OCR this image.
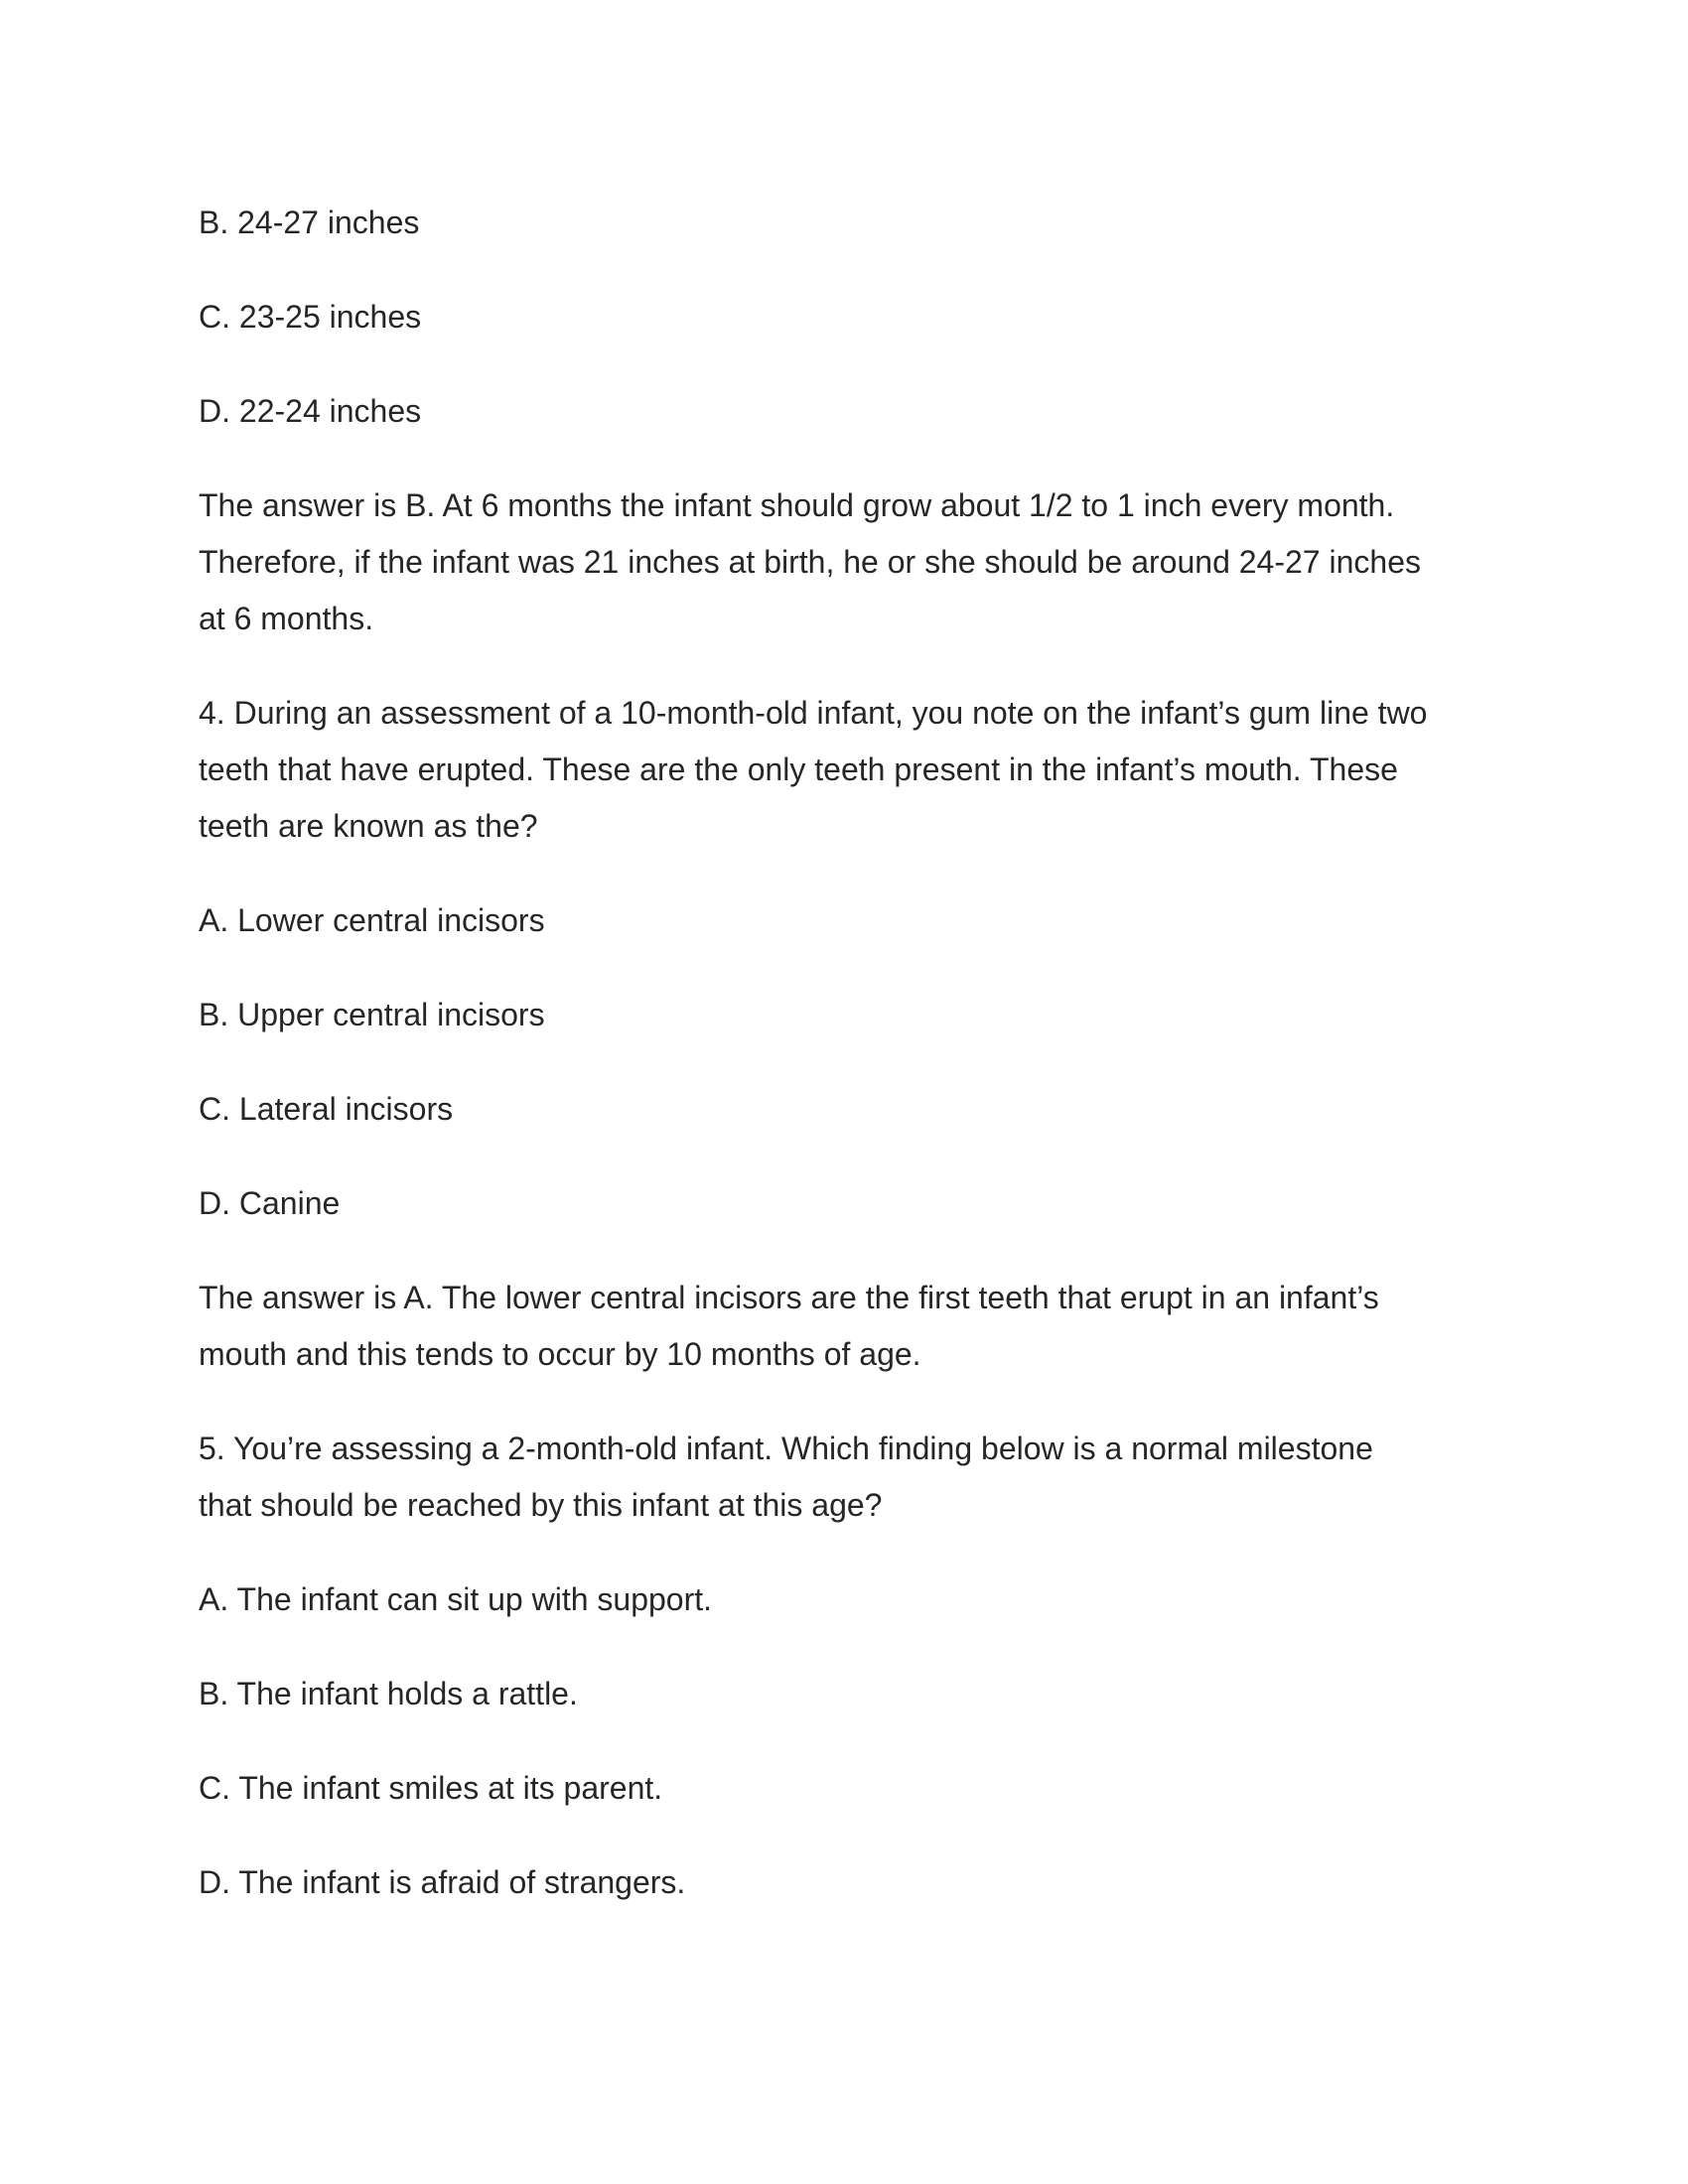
B. 24-27 inches

C. 23-25 inches

D. 22-24 inches

The answer is B. At 6 months the infant should grow about 1/2 to 1 inch every month.
Therefore, if the infant was 21 inches at birth, he or she should be around 24-27 inches
at 6 months.

4. During an assessment of a 10-month-old infant, you note on the infant’s gum line two
teeth that have erupted. These are the only teeth present in the infant’s mouth. These
teeth are known as the?

A. Lower central incisors

B. Upper central incisors

C. Lateral incisors

D. Canine

The answer is A. The lower central incisors are the first teeth that erupt in an infant’s
mouth and this tends to occur by 10 months of age.

5. You’re assessing a 2-month-old infant. Which finding below is a normal milestone
that should be reached by this infant at this age?

A. The infant can sit up with support.

B. The infant holds a rattle.

C. The infant smiles at its parent.

D. The infant is afraid of strangers.
